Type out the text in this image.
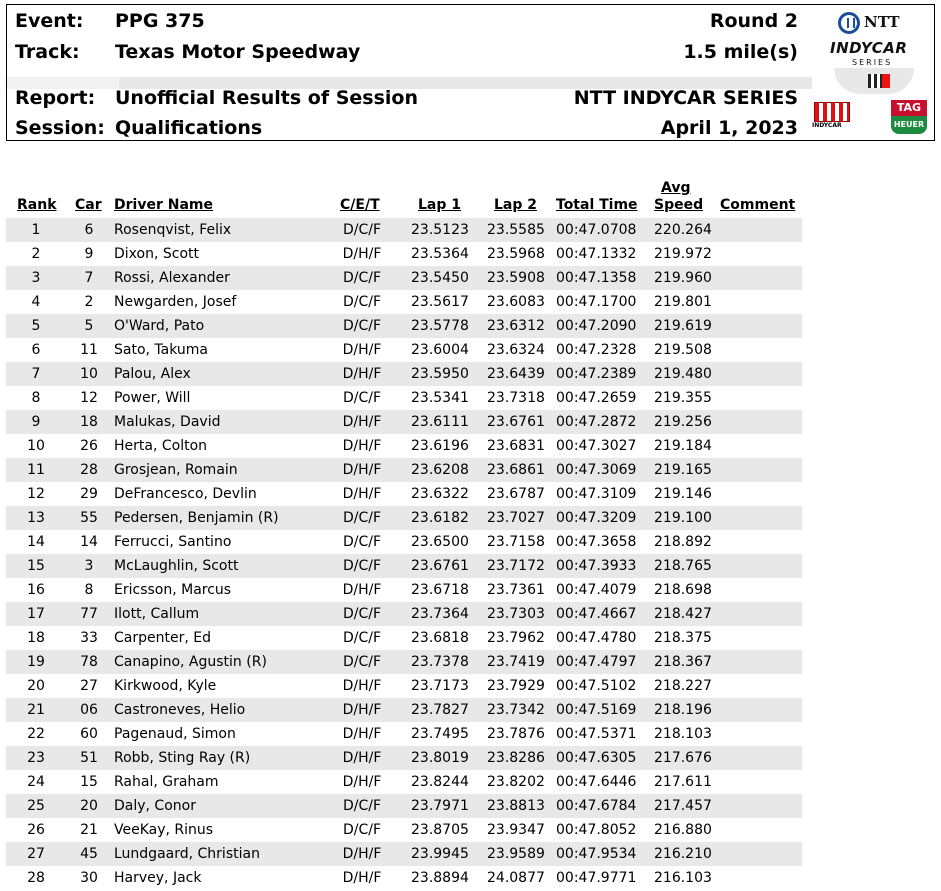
Event: PPG 375	Round 2
Track: Texas Motor Speedway	1.5 mile(s)
Report: Unofficial Results of Session	NTT INDYCAR SERIES
Session: Qualifications	April 1, 2023
NTT
INDYCAR
SERIES
INDYCAR
TAG
HEUER
Rank Car Driver Name	C/E/T	Lap 1 Lap 2 Total Time
Avg
Speed Comment
1	6	Rosenqvist, Felix	D/C/F	23.5123 23.5585 00:47.0708 220.264
2	9	Dixon, Scott	D/H/F	23.5364 23.5968 00:47.1332 219.972
3	7	Rossi, Alexander	D/C/F	23.5450 23.5908 00:47.1358 219.960
4	2	Newgarden, Josef	D/C/F	23.5617 23.6083 00:47.1700 219.801
5	5	O'Ward, Pato	D/C/F	23.5778 23.6312 00:47.2090 219.619
6	11	Sato, Takuma	D/H/F	23.6004 23.6324 00:47.2328 219.508
7	10	Palou, Alex	D/H/F	23.5950 23.6439 00:47.2389 219.480
8	12	Power, Will	D/C/F	23.5341 23.7318 00:47.2659 219.355
9	18	Malukas, David	D/H/F	23.6111 23.6761 00:47.2872 219.256
10	26	Herta, Colton	D/H/F	23.6196 23.6831 00:47.3027 219.184
11	28	Grosjean, Romain	D/H/F	23.6208 23.6861 00:47.3069 219.165
12	29	DeFrancesco, Devlin	D/H/F	23.6322 23.6787 00:47.3109 219.146
13	55	Pedersen, Benjamin (R)	D/C/F	23.6182 23.7027 00:47.3209 219.100
14	14	Ferrucci, Santino	D/C/F	23.6500 23.7158 00:47.3658 218.892
15	3	McLaughlin, Scott	D/C/F	23.6761 23.7172 00:47.3933 218.765
16	8	Ericsson, Marcus	D/H/F	23.6718 23.7361 00:47.4079 218.698
17	77	Ilott, Callum	D/C/F	23.7364 23.7303 00:47.4667 218.427
18	33	Carpenter, Ed	D/C/F	23.6818 23.7962 00:47.4780 218.375
19	78	Canapino, Agustin (R)	D/C/F	23.7378 23.7419 00:47.4797 218.367
20	27	Kirkwood, Kyle	D/H/F	23.7173 23.7929 00:47.5102 218.227
21	06	Castroneves, Helio	D/H/F	23.7827 23.7342 00:47.5169 218.196
22	60	Pagenaud, Simon	D/H/F	23.7495 23.7876 00:47.5371 218.103
23	51	Robb, Sting Ray (R)	D/H/F	23.8019 23.8286 00:47.6305 217.676
24	15	Rahal, Graham	D/H/F	23.8244 23.8202 00:47.6446 217.611
25	20	Daly, Conor	D/C/F	23.7971 23.8813 00:47.6784 217.457
26	21	VeeKay, Rinus	D/C/F	23.8705 23.9347 00:47.8052 216.880
27	45	Lundgaard, Christian	D/H/F	23.9945 23.9589 00:47.9534 216.210
28	30	Harvey, Jack	D/H/F	23.8894 24.0877 00:47.9771 216.103
